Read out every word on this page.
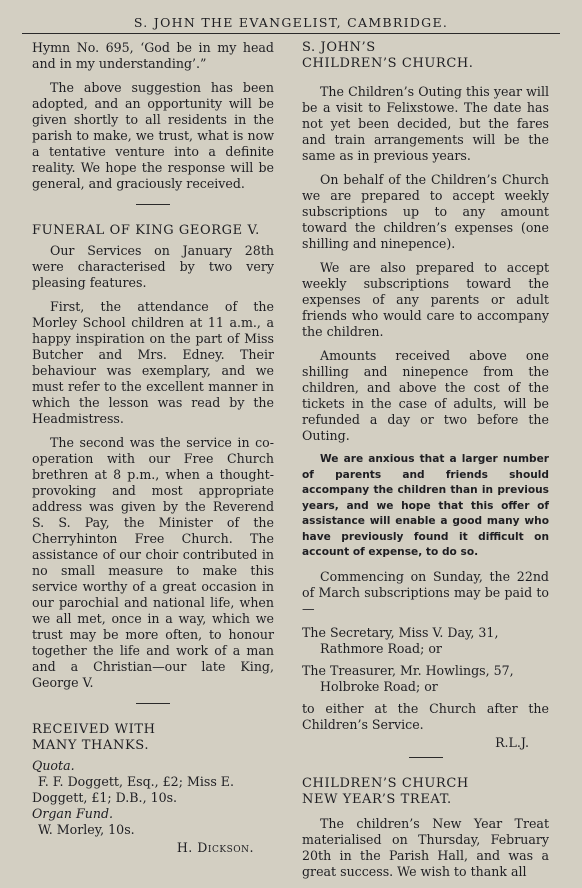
S. JOHN THE EVANGELIST, CAMBRIDGE.

Hymn No. 695, ‘God be in my head and in my understanding’.”

The above suggestion has been adopted, and an opportunity will be given shortly to all residents in the parish to make, we trust, what is now a tentative venture into a definite reality. We hope the response will be general, and graciously received.

FUNERAL OF KING GEORGE V.

Our Services on January 28th were characterised by two very pleasing features.

First, the attendance of the Morley School children at 11 a.m., a happy inspiration on the part of Miss Butcher and Mrs. Edney. Their behaviour was exemplary, and we must refer to the excellent manner in which the lesson was read by the Headmistress.

The second was the service in co-operation with our Free Church brethren at 8 p.m., when a thought-provoking and most appropriate address was given by the Reverend S. S. Pay, the Minister of the Cherryhinton Free Church. The assistance of our choir contributed in no small measure to make this service worthy of a great occasion in our parochial and national life, when we all met, once in a way, which we trust may be more often, to honour together the life and work of a man and a Christian—our late King, George V.

RECEIVED WITH
MANY THANKS.

Quota.

F. F. Doggett, Esq., £2; Miss E.

Doggett, £1; D.B., 10s.

Organ Fund.

W. Morley, 10s.

H. Dickson.

S. JOHN’S
CHILDREN’S CHURCH.

The Children’s Outing this year will be a visit to Felixstowe. The date has not yet been decided, but the fares and train arrangements will be the same as in previous years.

On behalf of the Children’s Church we are prepared to accept weekly subscriptions up to any amount toward the children’s expenses (one shilling and ninepence).

We are also prepared to accept weekly subscriptions toward the expenses of any parents or adult friends who would care to accompany the children.

Amounts received above one shilling and ninepence from the children, and above the cost of the tickets in the case of adults, will be refunded a day or two before the Outing.

We are anxious that a larger number of parents and friends should accompany the children than in previous years, and we hope that this offer of assistance will enable a good many who have previously found it difficult on account of expense, to do so.

Commencing on Sunday, the 22nd of March subscriptions may be paid to—

The Secretary, Miss V. Day, 31, Rathmore Road; or

The Treasurer, Mr. Howlings, 57, Holbroke Road; or

to either at the Church after the Children’s Service.

R.L.J.

CHILDREN’S CHURCH
NEW YEAR’S TREAT.

The children’s New Year Treat materialised on Thursday, February 20th in the Parish Hall, and was a great success. We wish to thank all
